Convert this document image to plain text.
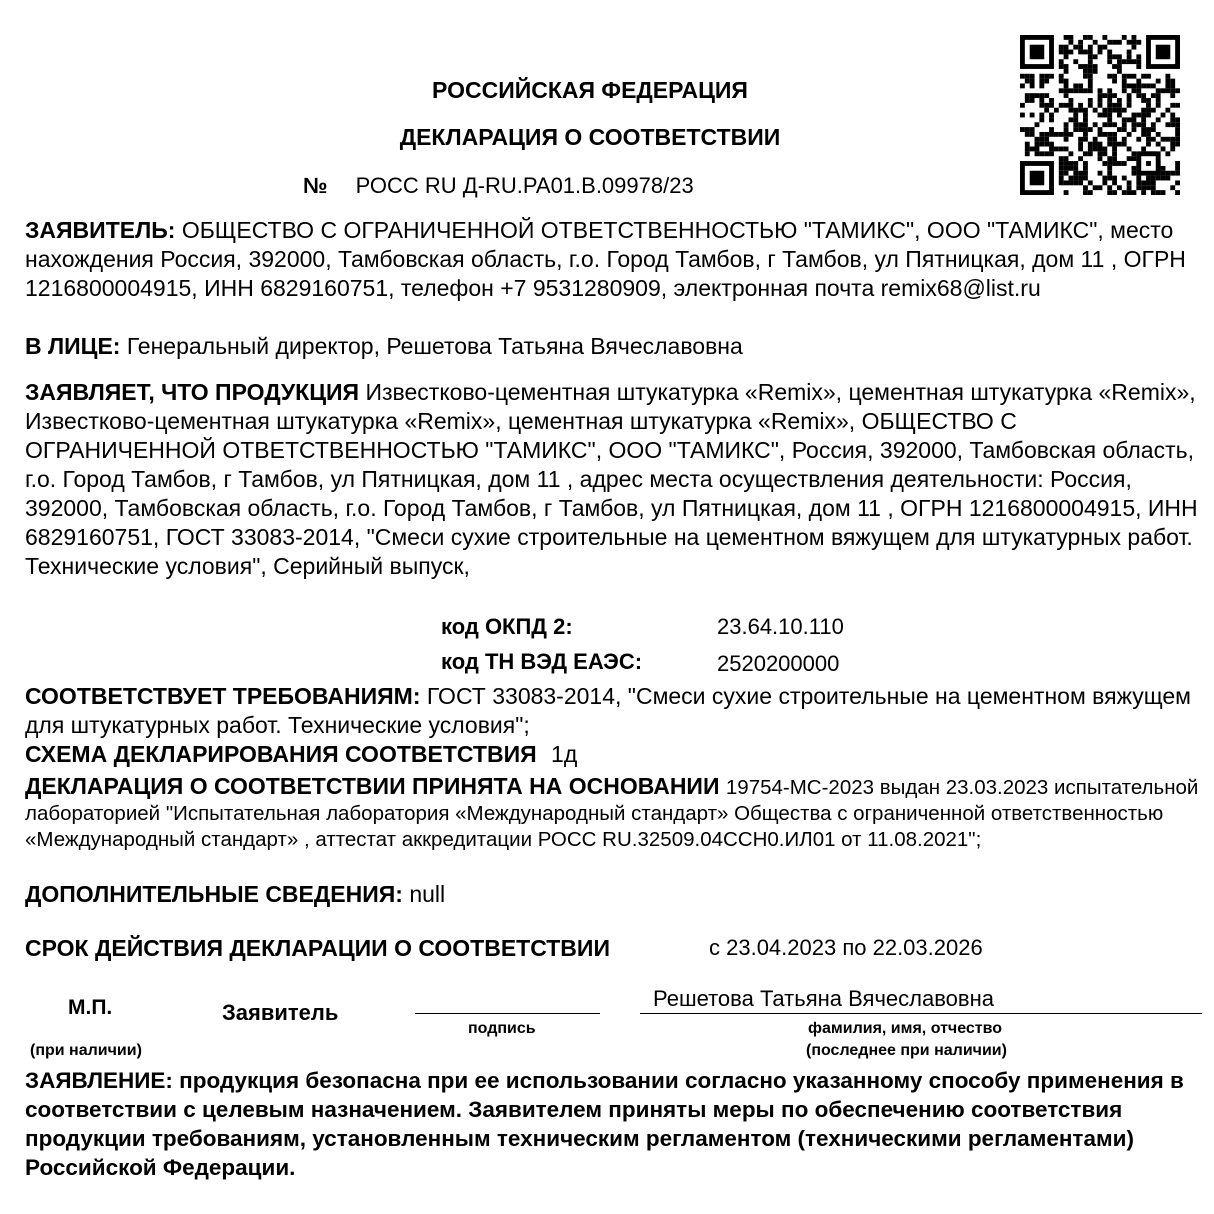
РОССИЙСКАЯ ФЕДЕРАЦИЯ
ДЕКЛАРАЦИЯ О СООТВЕТСТВИИ
№ РОСС RU Д-RU.PA01.B.09978/23
ЗАЯВИТЕЛЬ: ОБЩЕСТВО С ОГРАНИЧЕННОЙ ОТВЕТСТВЕННОСТЬЮ "ТАМИКС", ООО "ТАМИКС", место нахождения Россия, 392000, Тамбовская область, г.о. Город Тамбов, г Тамбов, ул Пятницкая, дом 11 , ОГРН 1216800004915, ИНН 6829160751, телефон +7 9531280909, электронная почта remix68@list.ru
В ЛИЦЕ: Генеральный директор, Решетова Татьяна Вячеславовна
ЗАЯВЛЯЕТ, ЧТО ПРОДУКЦИЯ Известково-цементная штукатурка «Remix», цементная штукатурка «Remix», Известково-цементная штукатурка «Remix», цементная штукатурка «Remix», ОБЩЕСТВО С ОГРАНИЧЕННОЙ ОТВЕТСТВЕННОСТЬЮ "ТАМИКС", ООО "ТАМИКС", Россия, 392000, Тамбовская область, г.о. Город Тамбов, г Тамбов, ул Пятницкая, дом 11 , адрес места осуществления деятельности: Россия, 392000, Тамбовская область, г.о. Город Тамбов, г Тамбов, ул Пятницкая, дом 11 , ОГРН 1216800004915, ИНН 6829160751, ГОСТ 33083-2014, "Смеси сухие строительные на цементном вяжущем для штукатурных работ. Технические условия", Серийный выпуск,
код ОКПД 2:	23.64.10.110
код ТН ВЭД ЕАЭС:	2520200000
СООТВЕТСТВУЕТ ТРЕБОВАНИЯМ: ГОСТ 33083-2014, "Смеси сухие строительные на цементном вяжущем для штукатурных работ. Технические условия";
СХЕМА ДЕКЛАРИРОВАНИЯ СООТВЕТСТВИЯ 1д
ДЕКЛАРАЦИЯ О СООТВЕТСТВИИ ПРИНЯТА НА ОСНОВАНИИ 19754-МС-2023 выдан 23.03.2023 испытательной лабораторией "Испытательная лаборатория «Международный стандарт» Общества с ограниченной ответственностью «Международный стандарт» , аттестат аккредитации РОСС RU.32509.04CCH0.ИЛ01 от 11.08.2021";
ДОПОЛНИТЕЛЬНЫЕ СВЕДЕНИЯ: null
СРОК ДЕЙСТВИЯ ДЕКЛАРАЦИИ О СООТВЕТСТВИИ	с 23.04.2023 по 22.03.2026
М.П.
(при наличии)
Заявитель
подпись
Решетова Татьяна Вячеславовна
фамилия, имя, отчество
(последнее при наличии)
ЗАЯВЛЕНИЕ: продукция безопасна при ее использовании согласно указанному способу применения в соответствии с целевым назначением. Заявителем приняты меры по обеспечению соответствия продукции требованиям, установленным техническим регламентом (техническими регламентами) Российской Федерации.
